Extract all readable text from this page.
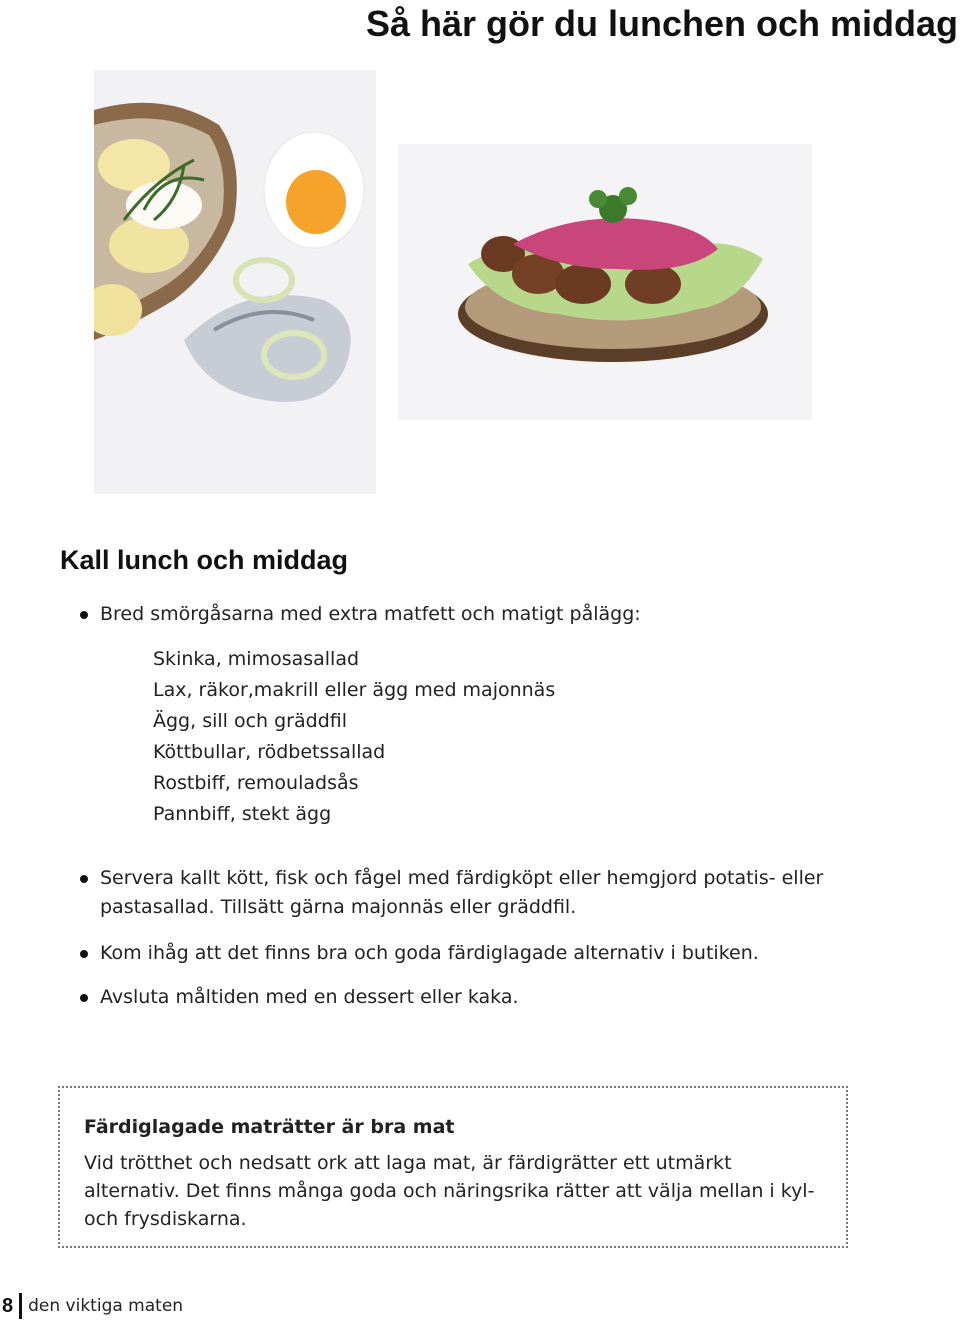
Så här gör du lunchen och middag
Kall lunch och middag
Bred smörgåsarna med extra matfett och matigt pålägg:
Servera kallt kött, fisk och fågel med färdigköpt eller hemgjord potatis- eller pastasallad. Tillsätt gärna majonnäs eller gräddfil.
Kom ihåg att det finns bra och goda färdiglagade alternativ i butiken.
Avsluta måltiden med en dessert eller kaka.
Skinka, mimosasallad
Lax, räkor,makrill eller ägg med majonnäs
Ägg, sill och gräddfil
Köttbullar, rödbetssallad
Rostbiff, remouladsås
Pannbiff, stekt ägg

Färdiglagade maträtter är bra mat

Vid trötthet och nedsatt ork att laga mat, är färdigrätter ett utmärkt alternativ. Det finns många goda och näringsrika rätter att välja mellan i kyl- och frysdiskarna.

8 den viktiga maten
